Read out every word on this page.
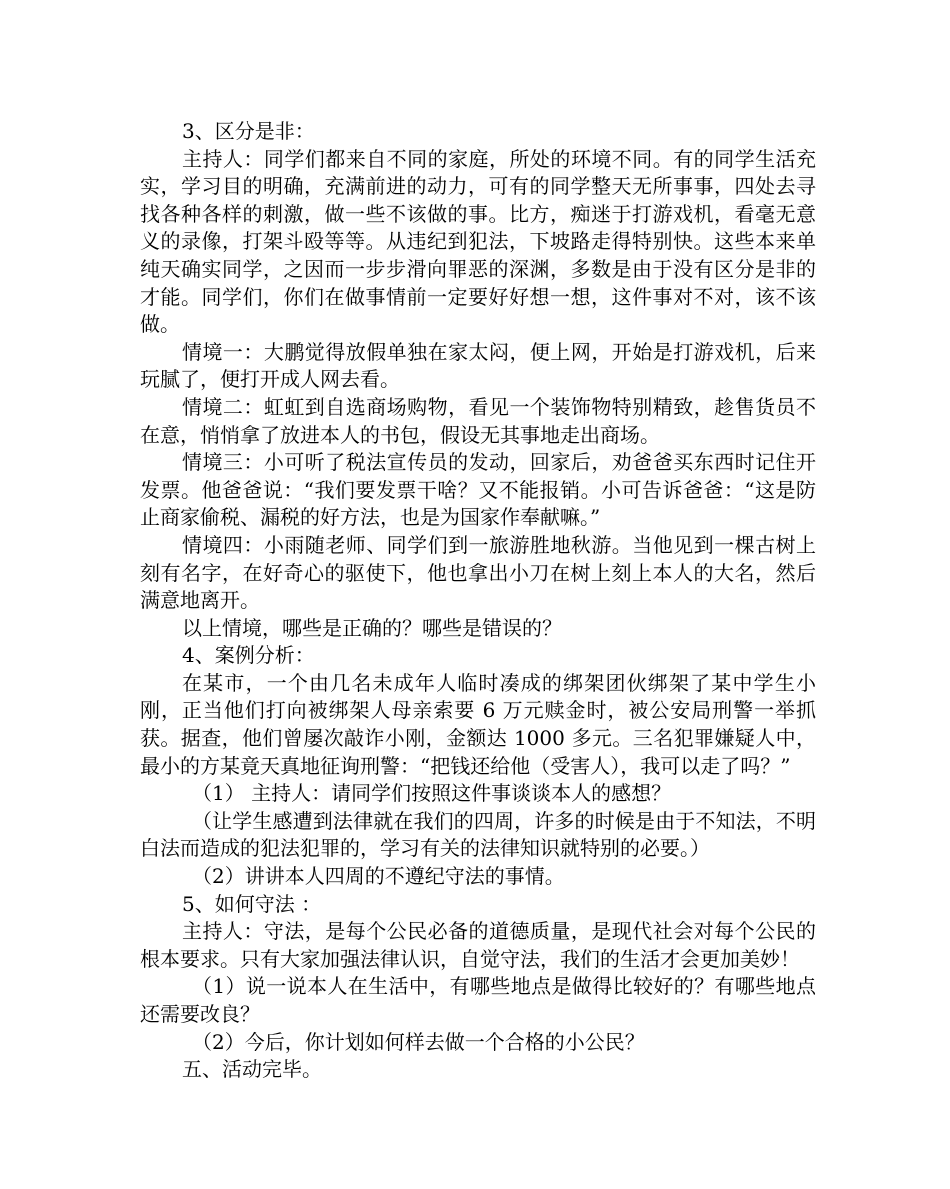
3、区分是非：

主持人：同学们都来自不同的家庭，所处的环境不同。有的同学生活充实，学习目的明确，充满前进的动力，可有的同学整天无所事事，四处去寻找各种各样的刺激，做一些不该做的事。比方，痴迷于打游戏机，看毫无意义的录像，打架斗殴等等。从违纪到犯法，下坡路走得特别快。这些本来单纯天确实同学，之因而一步步滑向罪恶的深渊，多数是由于没有区分是非的才能。同学们，你们在做事情前一定要好好想一想，这件事对不对，该不该做。

情境一：大鹏觉得放假单独在家太闷，便上网，开始是打游戏机，后来玩腻了，便打开成人网去看。

情境二：虹虹到自选商场购物，看见一个装饰物特别精致，趁售货员不在意，悄悄拿了放进本人的书包，假设无其事地走出商场。

情境三：小可听了税法宣传员的发动，回家后，劝爸爸买东西时记住开发票。他爸爸说：“我们要发票干啥？又不能报销。小可告诉爸爸：“这是防止商家偷税、漏税的好方法，也是为国家作奉献嘛。”

情境四：小雨随老师、同学们到一旅游胜地秋游。当他见到一棵古树上刻有名字，在好奇心的驱使下，他也拿出小刀在树上刻上本人的大名，然后满意地离开。

以上情境，哪些是正确的？哪些是错误的？

4、案例分析：

在某市，一个由几名未成年人临时凑成的绑架团伙绑架了某中学生小刚，正当他们打向被绑架人母亲索要 6 万元赎金时，被公安局刑警一举抓获。据查，他们曾屡次敲诈小刚，金额达 1000 多元。三名犯罪嫌疑人中，最小的方某竟天真地征询刑警：“把钱还给他（受害人），我可以走了吗？”

（1） 主持人：请同学们按照这件事谈谈本人的感想？

（让学生感遭到法律就在我们的四周，许多的时候是由于不知法，不明白法而造成的犯法犯罪的，学习有关的法律知识就特别的必要。）

（2）讲讲本人四周的不遵纪守法的事情。

5、如何守法 ：

主持人：守法，是每个公民必备的道德质量，是现代社会对每个公民的根本要求。只有大家加强法律认识，自觉守法，我们的生活才会更加美妙！

（1）说一说本人在生活中，有哪些地点是做得比较好的？有哪些地点还需要改良？

（2）今后，你计划如何样去做一个合格的小公民？

五、活动完毕。
